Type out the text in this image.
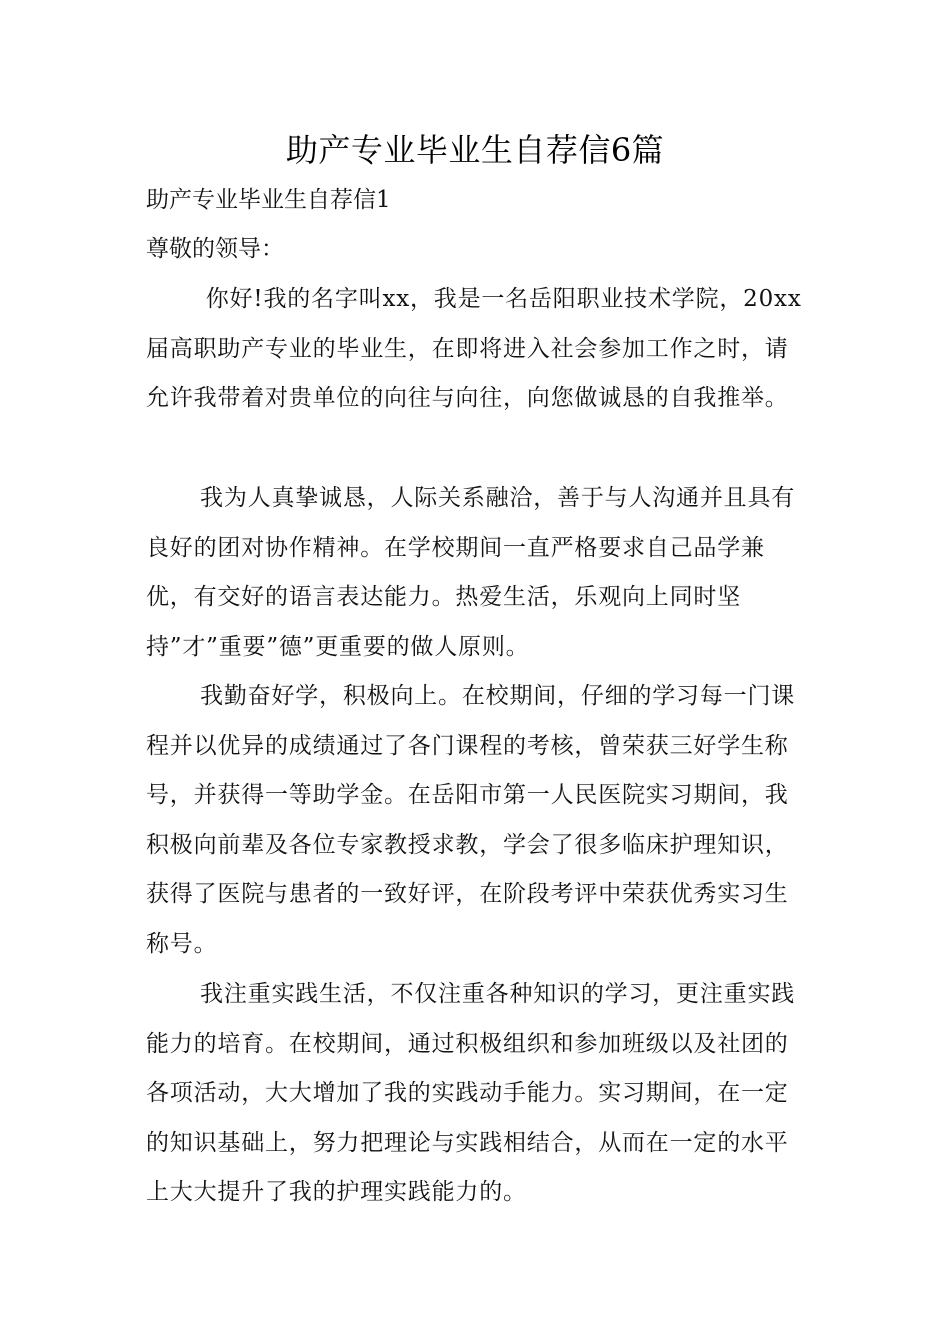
助产专业毕业生自荐信6篇

助产专业毕业生自荐信1

尊敬的领导：

你好!我的名字叫xx，我是一名岳阳职业技术学院，20xx届高职助产专业的毕业生，在即将进入社会参加工作之时，请允许我带着对贵单位的向往与向往，向您做诚恳的自我推举。

我为人真挚诚恳，人际关系融洽，善于与人沟通并且具有良好的团对协作精神。在学校期间一直严格要求自己品学兼优，有交好的语言表达能力。热爱生活，乐观向上同时坚持”才”重要”德”更重要的做人原则。

我勤奋好学，积极向上。在校期间，仔细的学习每一门课程并以优异的成绩通过了各门课程的考核，曾荣获三好学生称号，并获得一等助学金。在岳阳市第一人民医院实习期间，我积极向前辈及各位专家教授求教，学会了很多临床护理知识，获得了医院与患者的一致好评，在阶段考评中荣获优秀实习生称号。

我注重实践生活，不仅注重各种知识的学习，更注重实践能力的培育。在校期间，通过积极组织和参加班级以及社团的各项活动，大大增加了我的实践动手能力。实习期间，在一定的知识基础上，努力把理论与实践相结合，从而在一定的水平上大大提升了我的护理实践能力的。
